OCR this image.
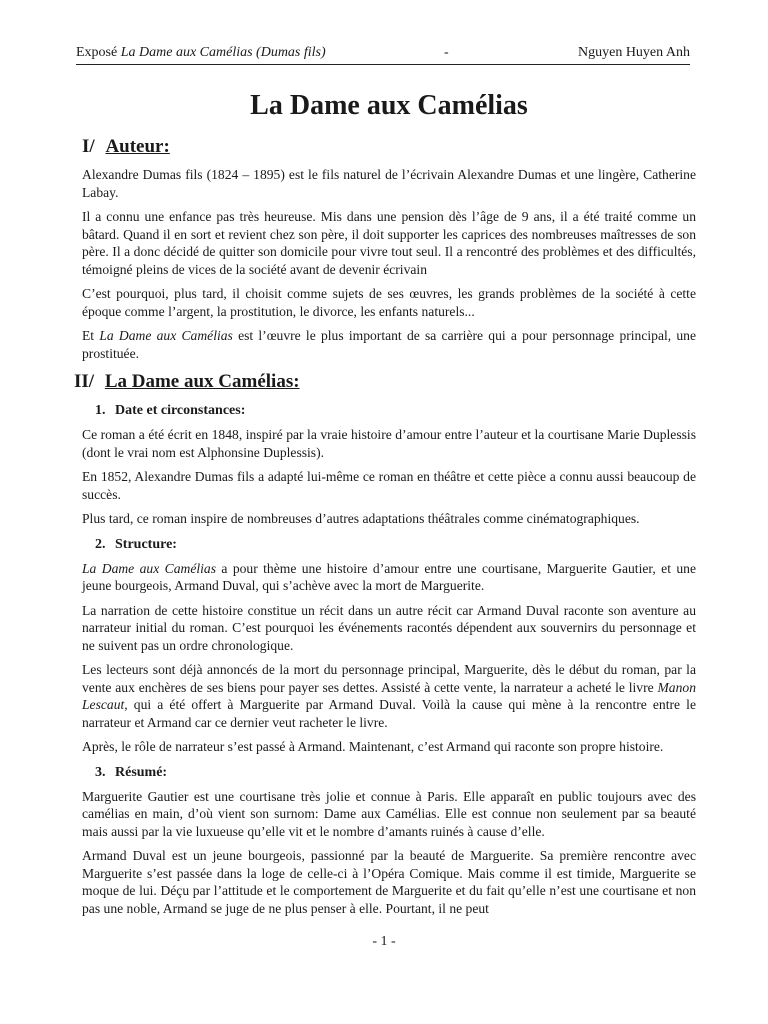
Exposé La Dame aux Camélias (Dumas fils)	-	Nguyen Huyen Anh
La Dame aux Camélias
I/ Auteur:

Alexandre Dumas fils (1824 – 1895) est le fils naturel de l’écrivain Alexandre Dumas et une lingère, Catherine Labay.

Il a connu une enfance pas très heureuse. Mis dans une pension dès l’âge de 9 ans, il a été traité comme un bâtard. Quand il en sort et revient chez son père, il doit supporter les caprices des nombreuses maîtresses de son père. Il a donc décidé de quitter son domicile pour vivre tout seul. Il a rencontré des problèmes et des difficultés, témoigné pleins de vices de la société avant de devenir écrivain

C’est pourquoi, plus tard, il choisit comme sujets de ses œuvres, les grands problèmes de la société à cette époque comme l’argent, la prostitution, le divorce, les enfants naturels...

Et La Dame aux Camélias est l’œuvre le plus important de sa carrière qui a pour personnage principal, une prostituée.

II/ La Dame aux Camélias:
1. Date et circonstances:

Ce roman a été écrit en 1848, inspiré par la vraie histoire d’amour entre l’auteur et la courtisane Marie Duplessis (dont le vrai nom est Alphonsine Duplessis).

En 1852, Alexandre Dumas fils a adapté lui-même ce roman en théâtre et cette pièce a connu aussi beaucoup de succès.

Plus tard, ce roman inspire de nombreuses d’autres adaptations théâtrales comme cinématographiques.

2. Structure:

La Dame aux Camélias a pour thème une histoire d’amour entre une courtisane, Marguerite Gautier, et une jeune bourgeois, Armand Duval, qui s’achève avec la mort de Marguerite.

La narration de cette histoire constitue un récit dans un autre récit car Armand Duval raconte son aventure au narrateur initial du roman. C’est pourquoi les événements racontés dépendent aux souvernirs du personnage et ne suivent pas un ordre chronologique.

Les lecteurs sont déjà annoncés de la mort du personnage principal, Marguerite, dès le début du roman, par la vente aux enchères de ses biens pour payer ses dettes. Assisté à cette vente, la narrateur a acheté le livre Manon Lescaut, qui a été offert à Marguerite par Armand Duval. Voilà la cause qui mène à la rencontre entre le narrateur et Armand car ce dernier veut racheter le livre.

Après, le rôle de narrateur s’est passé à Armand. Maintenant, c’est Armand qui raconte son propre histoire.

3. Résumé:

Marguerite Gautier est une courtisane très jolie et connue à Paris. Elle apparaît en public toujours avec des camélias en main, d’où vient son surnom: Dame aux Camélias. Elle est connue non seulement par sa beauté mais aussi par la vie luxueuse qu’elle vit et le nombre d’amants ruinés à cause d’elle.

Armand Duval est un jeune bourgeois, passionné par la beauté de Marguerite. Sa première rencontre avec Marguerite s’est passée dans la loge de celle-ci à l’Opéra Comique. Mais comme il est timide, Marguerite se moque de lui. Déçu par l’attitude et le comportement de Marguerite et du fait qu’elle n’est une courtisane et non pas une noble, Armand se juge de ne plus penser à elle. Pourtant, il ne peut

- 1 -
